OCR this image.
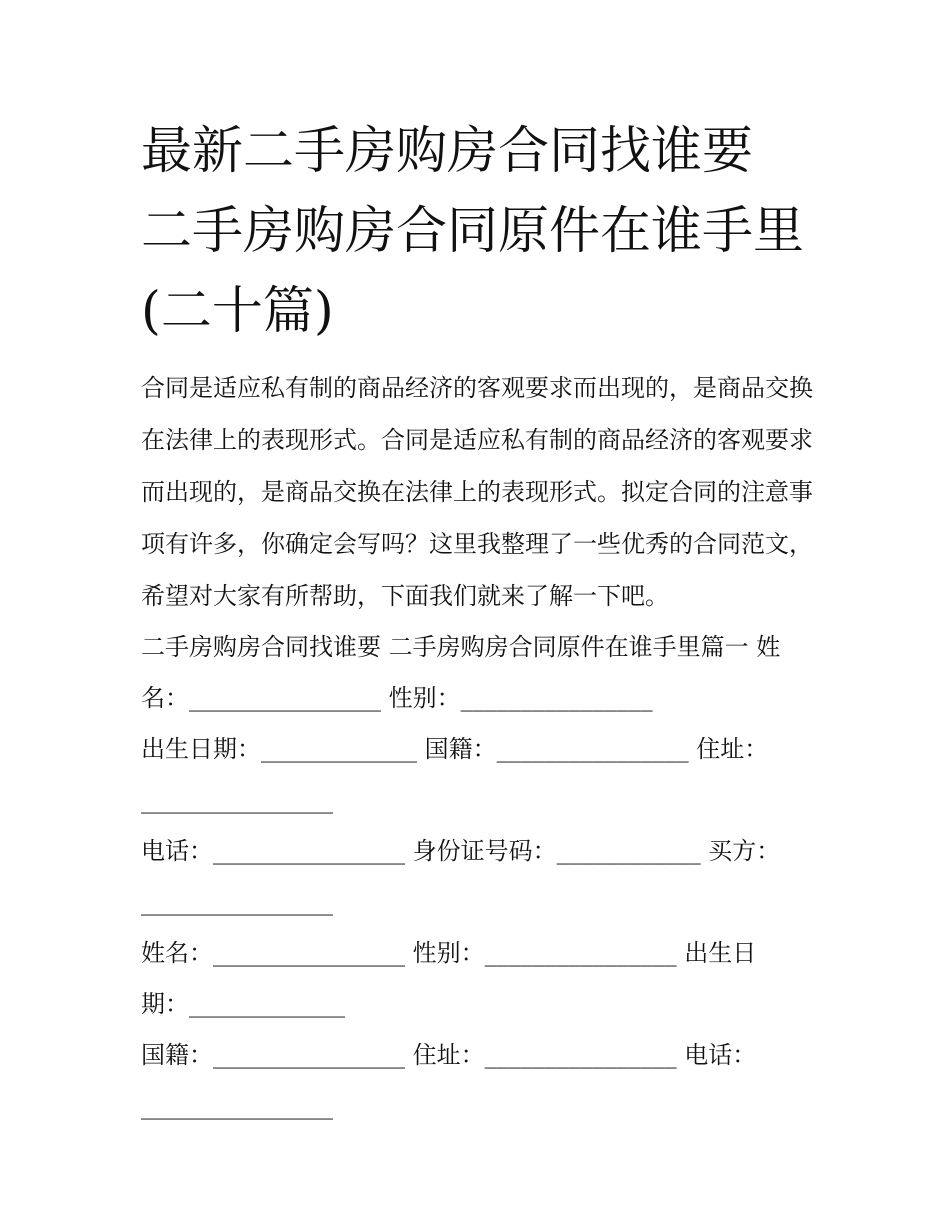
最新二手房购房合同找谁要 二手房购房合同原件在谁手里(二十篇)
合同是适应私有制的商品经济的客观要求而出现的，是商品交换在法律上的表现形式。合同是适应私有制的商品经济的客观要求而出现的，是商品交换在法律上的表现形式。拟定合同的注意事项有许多，你确定会写吗？这里我整理了一些优秀的合同范文，希望对大家有所帮助，下面我们就来了解一下吧。
二手房购房合同找谁要 二手房购房合同原件在谁手里篇一 姓
名：________________ 性别：________________
出生日期：_____________ 国籍：________________ 住址：
________________
电话：________________ 身份证号码：____________ 买方：
________________
姓名：________________ 性别：________________ 出生日
期：_____________
国籍：________________ 住址：________________ 电话：
________________
